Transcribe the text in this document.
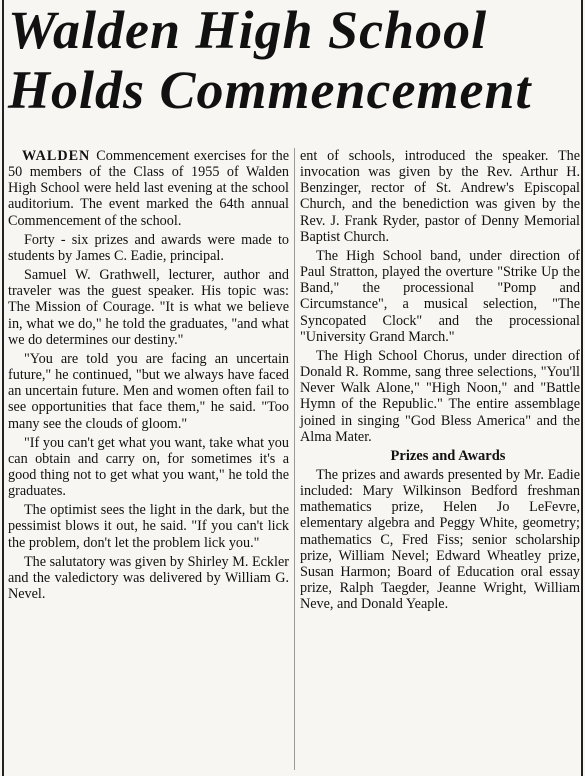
Walden High School
Holds Commencement

WALDEN Commencement exercises for the 50 members of the Class of 1955 of Walden High School were held last evening at the school auditorium. The event marked the 64th annual Commencement of the school.

Forty - six prizes and awards were made to students by James C. Eadie, principal.

Samuel W. Grathwell, lecturer, author and traveler was the guest speaker. His topic was: The Mission of Courage. "It is what we believe in, what we do," he told the graduates, "and what we do determines our destiny."

"You are told you are facing an uncertain future," he continued, "but we always have faced an uncertain future. Men and women often fail to see opportunities that face them," he said. "Too many see the clouds of gloom."

"If you can't get what you want, take what you can obtain and carry on, for sometimes it's a good thing not to get what you want," he told the graduates.

The optimist sees the light in the dark, but the pessimist blows it out, he said. "If you can't lick the problem, don't let the problem lick you."

The salutatory was given by Shirley M. Eckler and the valedictory was delivered by William G. Nevel.

ent of schools, introduced the speaker. The invocation was given by the Rev. Arthur H. Benzinger, rector of St. Andrew's Episcopal Church, and the benediction was given by the Rev. J. Frank Ryder, pastor of Denny Memorial Baptist Church.

The High School band, under direction of Paul Stratton, played the overture "Strike Up the Band," the processional "Pomp and Circumstance", a musical selection, "The Syncopated Clock" and the processional "University Grand March."

The High School Chorus, under direction of Donald R. Romme, sang three selections, "You'll Never Walk Alone," "High Noon," and "Battle Hymn of the Republic." The entire assemblage joined in singing "God Bless America" and the Alma Mater.

Prizes and Awards

The prizes and awards presented by Mr. Eadie included: Mary Wilkinson Bedford freshman mathematics prize, Helen Jo LeFevre, elementary algebra and Peggy White, geometry; mathematics C, Fred Fiss; senior scholarship prize, William Nevel; Edward Wheatley prize, Susan Harmon; Board of Education oral essay prize, Ralph Taegder, Jeanne Wright, William Neve, and Donald Yeaple.
